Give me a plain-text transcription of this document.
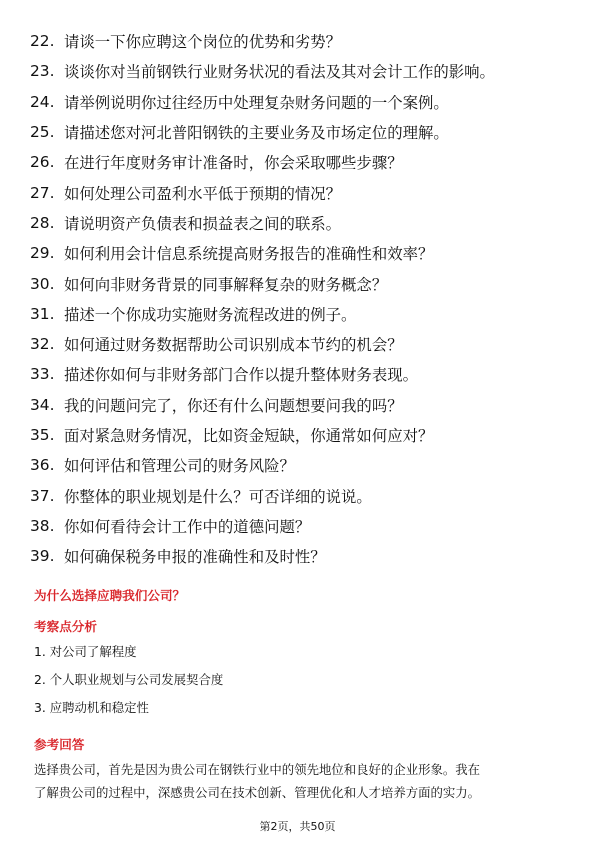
22. 请谈一下你应聘这个岗位的优势和劣势？
23. 谈谈你对当前钢铁行业财务状况的看法及其对会计工作的影响。
24. 请举例说明你过往经历中处理复杂财务问题的一个案例。
25. 请描述您对河北普阳钢铁的主要业务及市场定位的理解。
26. 在进行年度财务审计准备时，你会采取哪些步骤？
27. 如何处理公司盈利水平低于预期的情况？
28. 请说明资产负债表和损益表之间的联系。
29. 如何利用会计信息系统提高财务报告的准确性和效率？
30. 如何向非财务背景的同事解释复杂的财务概念？
31. 描述一个你成功实施财务流程改进的例子。
32. 如何通过财务数据帮助公司识别成本节约的机会？
33. 描述你如何与非财务部门合作以提升整体财务表现。
34. 我的问题问完了，你还有什么问题想要问我的吗？
35. 面对紧急财务情况，比如资金短缺，你通常如何应对？
36. 如何评估和管理公司的财务风险？
37. 你整体的职业规划是什么？可否详细的说说。
38. 你如何看待会计工作中的道德问题？
39. 如何确保税务申报的准确性和及时性？
为什么选择应聘我们公司？
考察点分析
1. 对公司了解程度
2. 个人职业规划与公司发展契合度
3. 应聘动机和稳定性
参考回答
选择贵公司，首先是因为贵公司在钢铁行业中的领先地位和良好的企业形象。我在
了解贵公司的过程中，深感贵公司在技术创新、管理优化和人才培养方面的实力。
第2页，共50页
